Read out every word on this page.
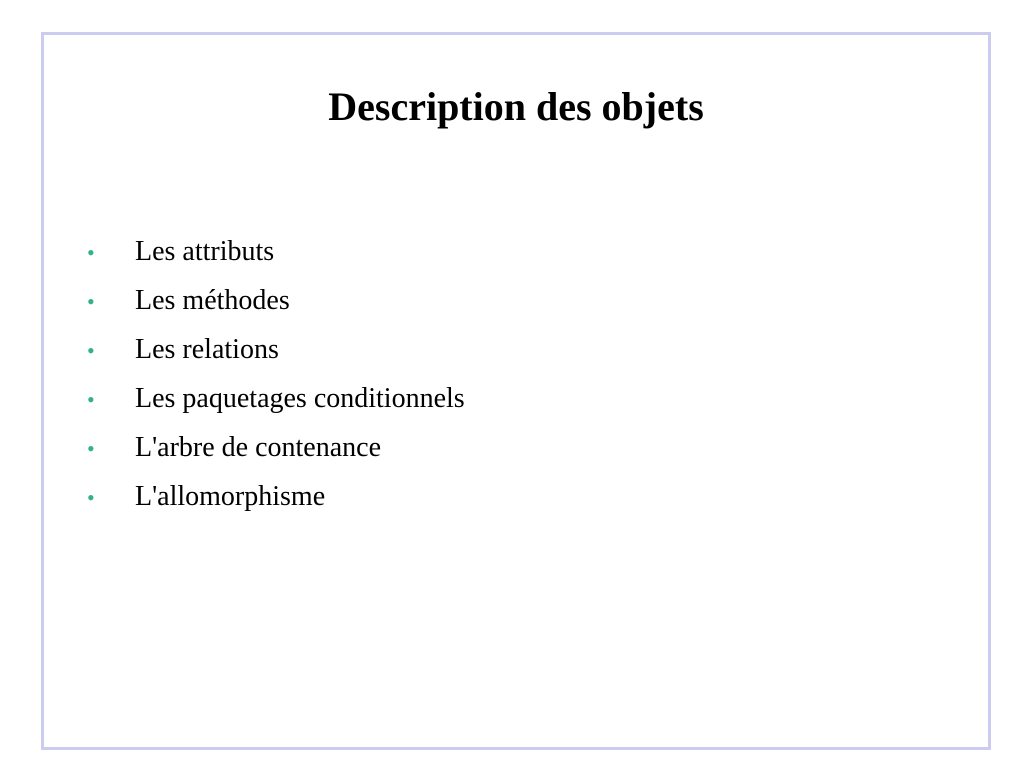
Description des objets
•	Les attributs
•	Les méthodes
•	Les relations
•	Les paquetages conditionnels
•	L'arbre de contenance
•	L'allomorphisme
